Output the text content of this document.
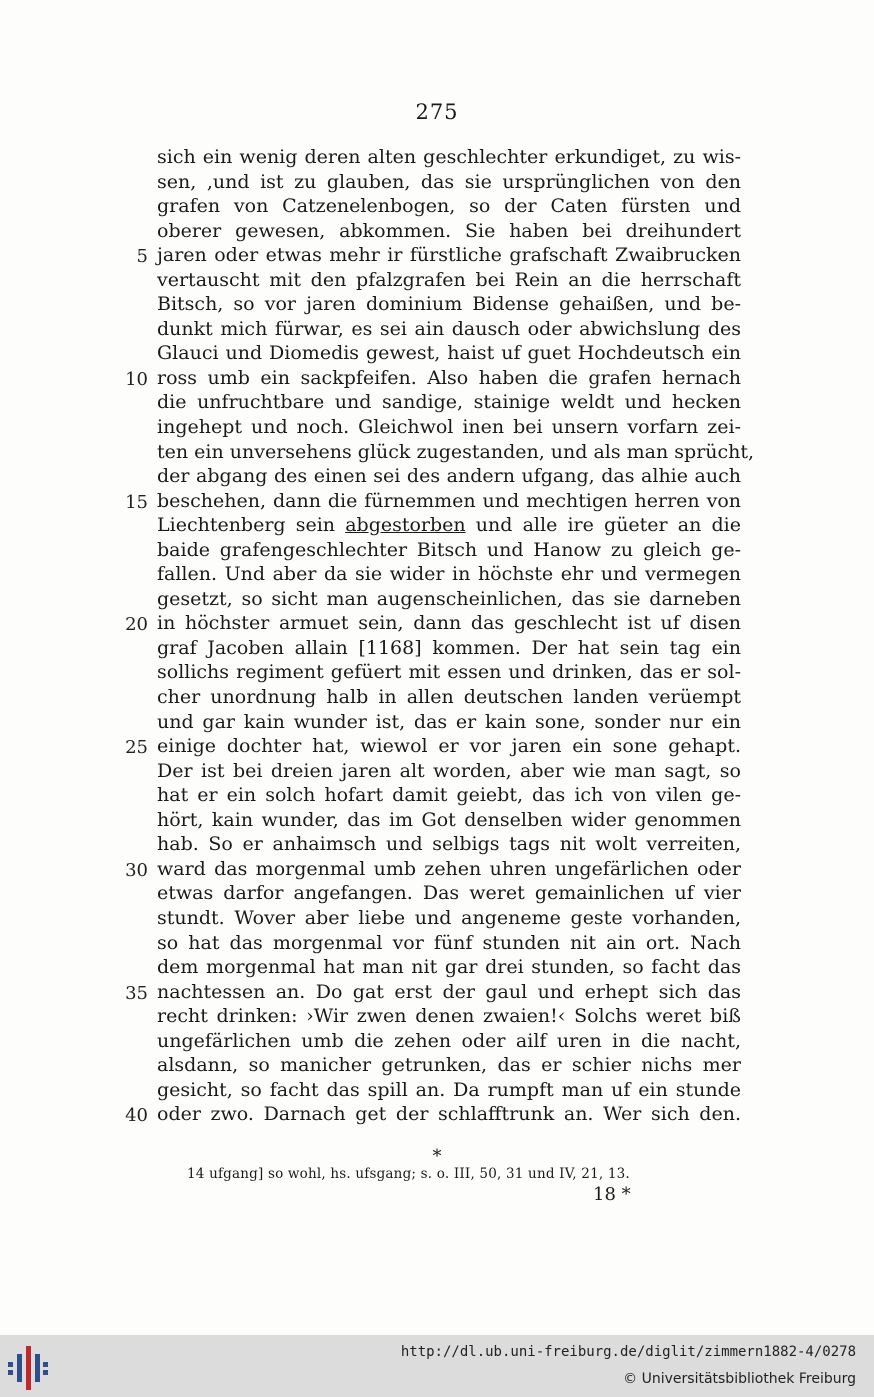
275
sich ein wenig deren alten geschlechter erkundiget, zu wis-
sen, ,und ist zu glauben, das sie ursprünglichen von den
grafen von Catzenelenbogen, so der Caten fürsten und
oberer gewesen, abkommen. Sie haben bei dreihundert
5 jaren oder etwas mehr ir fürstliche grafschaft Zwaibrucken
vertauscht mit den pfalzgrafen bei Rein an die herrschaft
Bitsch, so vor jaren dominium Bidense gehaißen, und be-
dunkt mich fürwar, es sei ain dausch oder abwichslung des
Glauci und Diomedis gewest, haist uf guet Hochdeutsch ein
10 ross umb ein sackpfeifen. Also haben die grafen hernach
die unfruchtbare und sandige, stainige weldt und hecken
ingehept und noch. Gleichwol inen bei unsern vorfarn zei-
ten ein unversehens glück zugestanden, und als man sprücht,
der abgang des einen sei des andern ufgang, das alhie auch
15 beschehen, dann die fürnemmen und mechtigen herren von
Liechtenberg sein abgestorben und alle ire güeter an die
baide grafengeschlechter Bitsch und Hanow zu gleich ge-
fallen. Und aber da sie wider in höchste ehr und vermegen
gesetzt, so sicht man augenscheinlichen, das sie darneben
20 in höchster armuet sein, dann das geschlecht ist uf disen
graf Jacoben allain [1168] kommen. Der hat sein tag ein
sollichs regiment gefüert mit essen und drinken, das er sol-
cher unordnung halb in allen deutschen landen verüempt
und gar kain wunder ist, das er kain sone, sonder nur ein
25 einige dochter hat, wiewol er vor jaren ein sone gehapt.
Der ist bei dreien jaren alt worden, aber wie man sagt, so
hat er ein solch hofart damit geiebt, das ich von vilen ge-
hört, kain wunder, das im Got denselben wider genommen
hab. So er anhaimsch und selbigs tags nit wolt verreiten,
30 ward das morgenmal umb zehen uhren ungefärlichen oder
etwas darfor angefangen. Das weret gemainlichen uf vier
stundt. Wover aber liebe und angeneme geste vorhanden,
so hat das morgenmal vor fünf stunden nit ain ort. Nach
dem morgenmal hat man nit gar drei stunden, so facht das
35 nachtessen an. Do gat erst der gaul und erhept sich das
recht drinken: ›Wir zwen denen zwaien!‹ Solchs weret biß
ungefärlichen umb die zehen oder ailf uren in die nacht,
alsdann, so manicher getrunken, das er schier nichs mer
gesicht, so facht das spill an. Da rumpft man uf ein stunde
40 oder zwo. Darnach get der schlafftrunk an. Wer sich den.
*
14 ufgang] so wohl, hs. ufsgang; s. o. III, 50, 31 und IV, 21, 13.
18 *
http://dl.ub.uni-freiburg.de/diglit/zimmern1882-4/0278
© Universitätsbibliothek Freiburg
